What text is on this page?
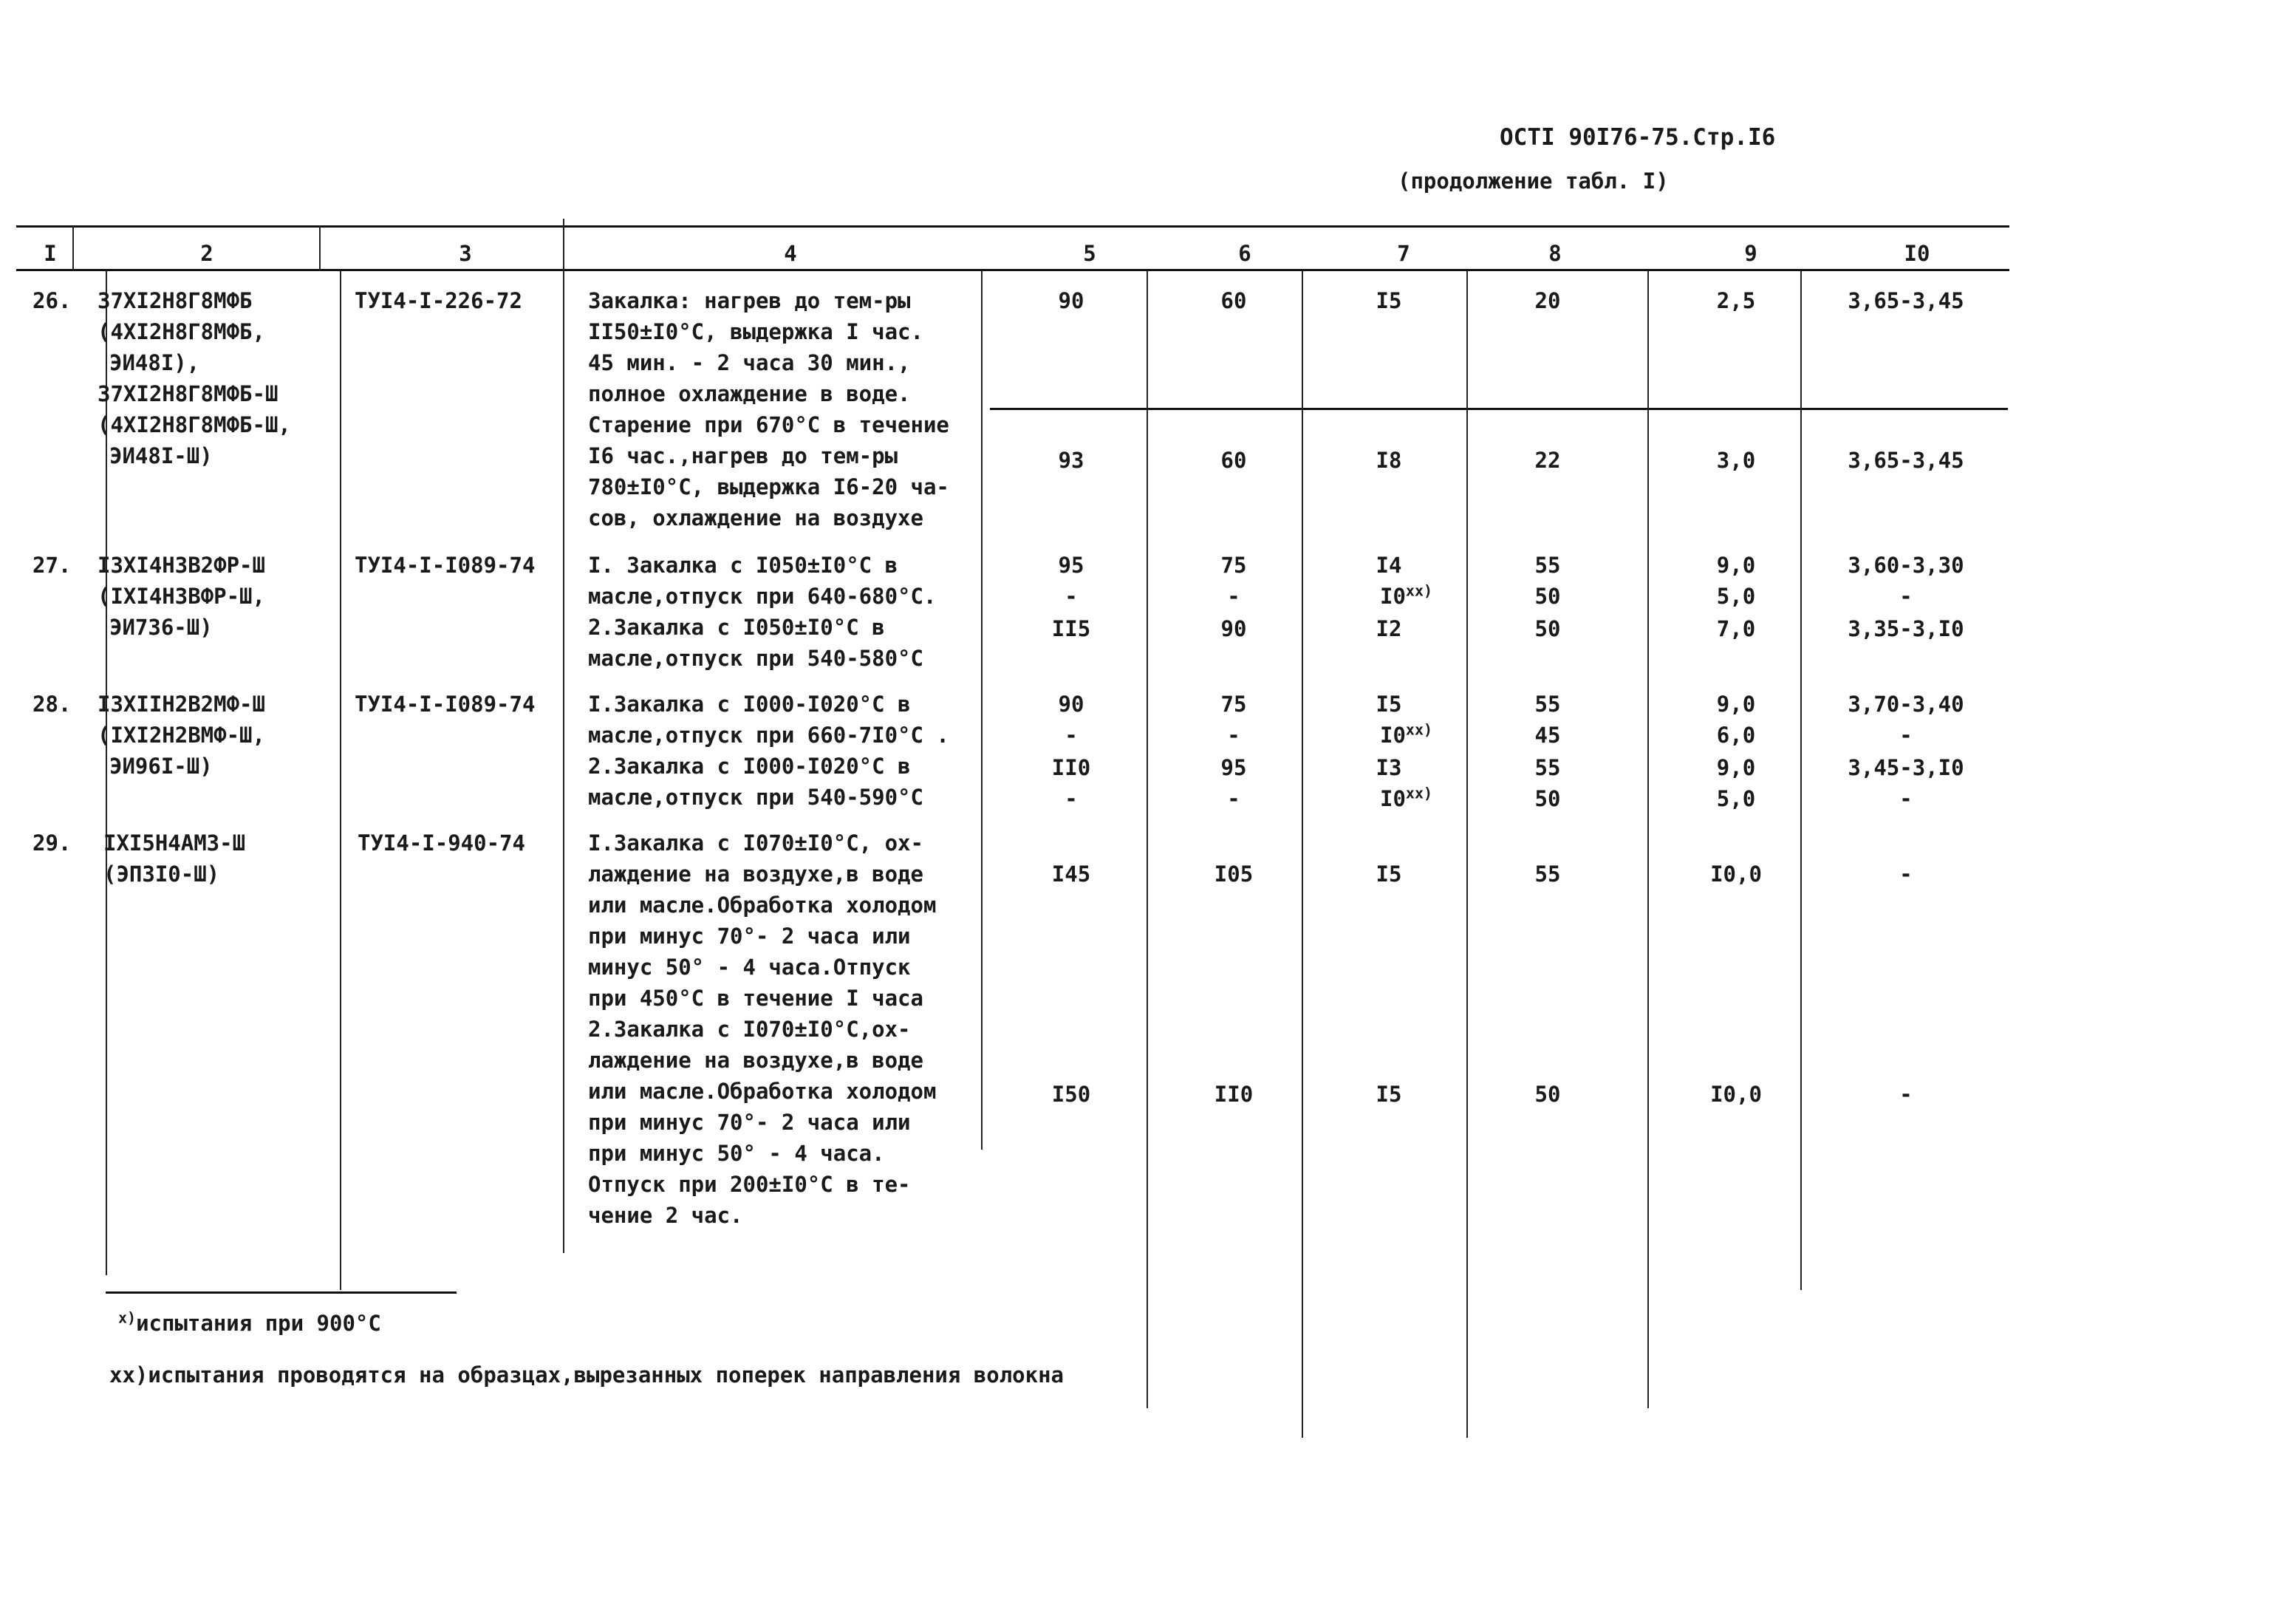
ОСТI 90I76-75.Стр.I6
(продолжение табл. I)
I	2	3	4	5	6	7	8	9	I0
26. 37XI2H8Г8МФБ
(4XI2H8Г8МФБ,
ЭИ48I),
37XI2H8Г8МФБ-Ш
(4XI2H8Г8МФБ-Ш,
ЭИ48I-Ш)
ТУI4-I-226-72	Закалка: нагрев до тем-ры
II50±I0°C, выдержка I час.
45 мин. - 2 часа 30 мин.,
полное охлаждение в воде.
Старение при 670°C в течение
I6 час.,нагрев до тем-ры
780±I0°C, выдержка I6-20 ча-
сов, охлаждение на воздухе
90	60	I5	20	2,5	3,65-3,45
93	60	I8	22	3,0	3,65-3,45
27. I3XI4H3B2ФР-Ш
(IXI4H3BФР-Ш,
ЭИ736-Ш)
ТУI4-I-I089-74 I. Закалка с I050±I0°C в
масле,отпуск при 640-680°C.
2.Закалка с I050±I0°C в
масле,отпуск при 540-580°C
95	75	I4	55	9,0	3,60-3,30
-	-	I0$^{xx)}$	50	5,0	-
II5	90	I2	50	7,0	3,35-3,I0
28. I3XIIH2B2МФ-Ш
(IXI2H2BМФ-Ш,
ЭИ96I-Ш)
ТУI4-I-I089-74 I.Закалка с I000-I020°C в
масле,отпуск при 660-7I0°C .
2.Закалка с I000-I020°C в
масле,отпуск при 540-590°C
90	75	I5	55	9,0	3,70-3,40
-	-	I0$^{xx)}$	45	6,0	-
II0	95	I3	55	9,0	3,45-3,I0
-	-	I0$^{xx)}$	50	5,0	-
29. IXI5H4АМ3-Ш
(ЭП3I0-Ш)
ТУI4-I-940-74	I.Закалка с I070±I0°C, ох-
лаждение на воздухе,в воде
или масле.Обработка холодом
при минус 70°- 2 часа или
минус 50° - 4 часа.Отпуск
при 450°C в течение I часа
2.Закалка с I070±I0°C,ох-
лаждение на воздухе,в воде
или масле.Обработка холодом
при минус 70°- 2 часа или
при минус 50° - 4 часа.
Отпуск при 200±I0°C в те-
чение 2 час.
I45	I05	I5	55	I0,0	-
I50	II0	I5	50	I0,0	-
$^{x)}$испытания при 900°C
xx)испытания проводятся на образцах,вырезанных поперек направления волокна
